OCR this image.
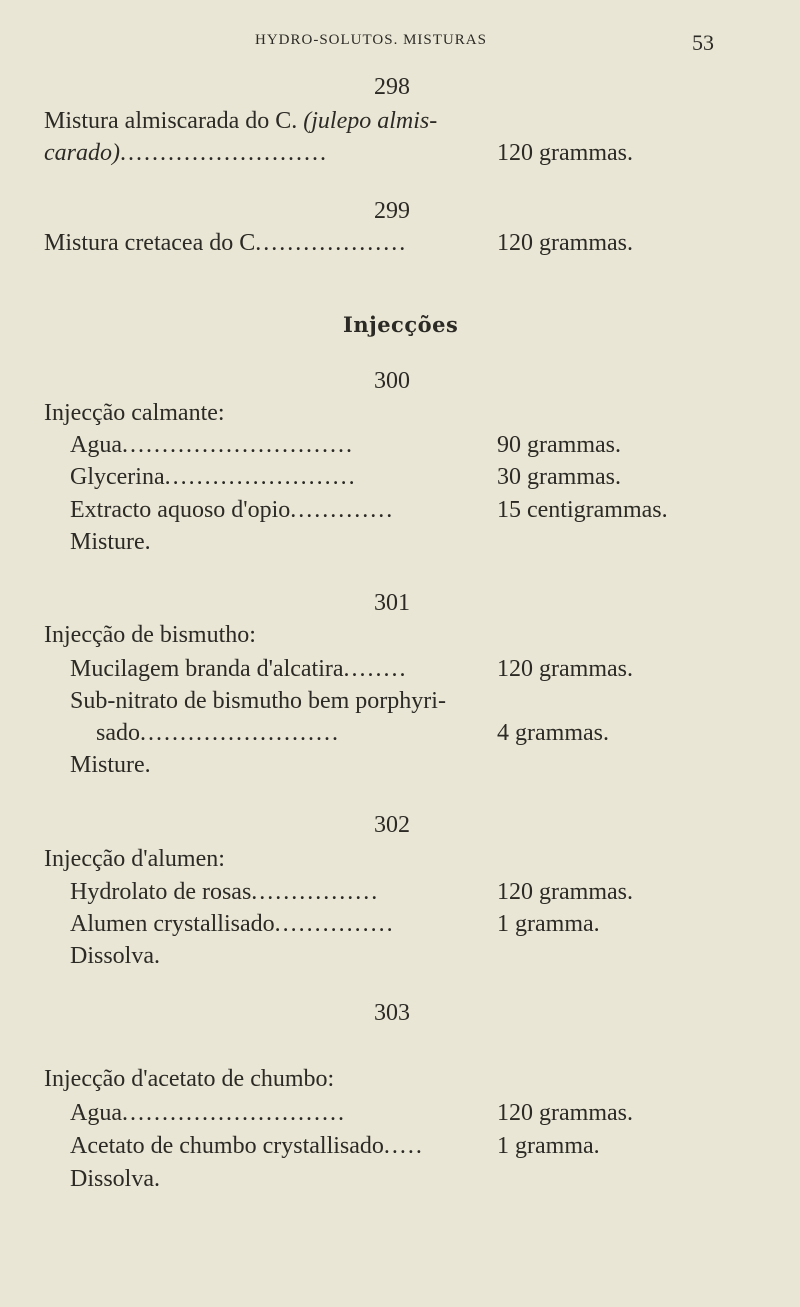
HYDRO-SOLUTOS. MISTURAS	53
298
Mistura almiscarada do C. (julepo almis-
carado)..........................	120 grammas.
299
Mistura cretacea do C...................	120 grammas.
Injecções
300
Injecção calmante:
Agua.............................	90 grammas.
Glycerina........................	30 grammas.
Extracto aquoso d'opio.............	15 centigrammas.
Misture.
301
Injecção de bismutho:
Mucilagem branda d'alcatira........	120 grammas.
Sub-nitrato de bismutho bem porphyri-
sado.........................	4 grammas.
Misture.
302
Injecção d'alumen:
Hydrolato de rosas................	120 grammas.
Alumen crystallisado...............	1 gramma.
Dissolva.
303
Injecção d'acetato de chumbo:
Agua............................	120 grammas.
Acetato de chumbo crystallisado.....	1 gramma.
Dissolva.
